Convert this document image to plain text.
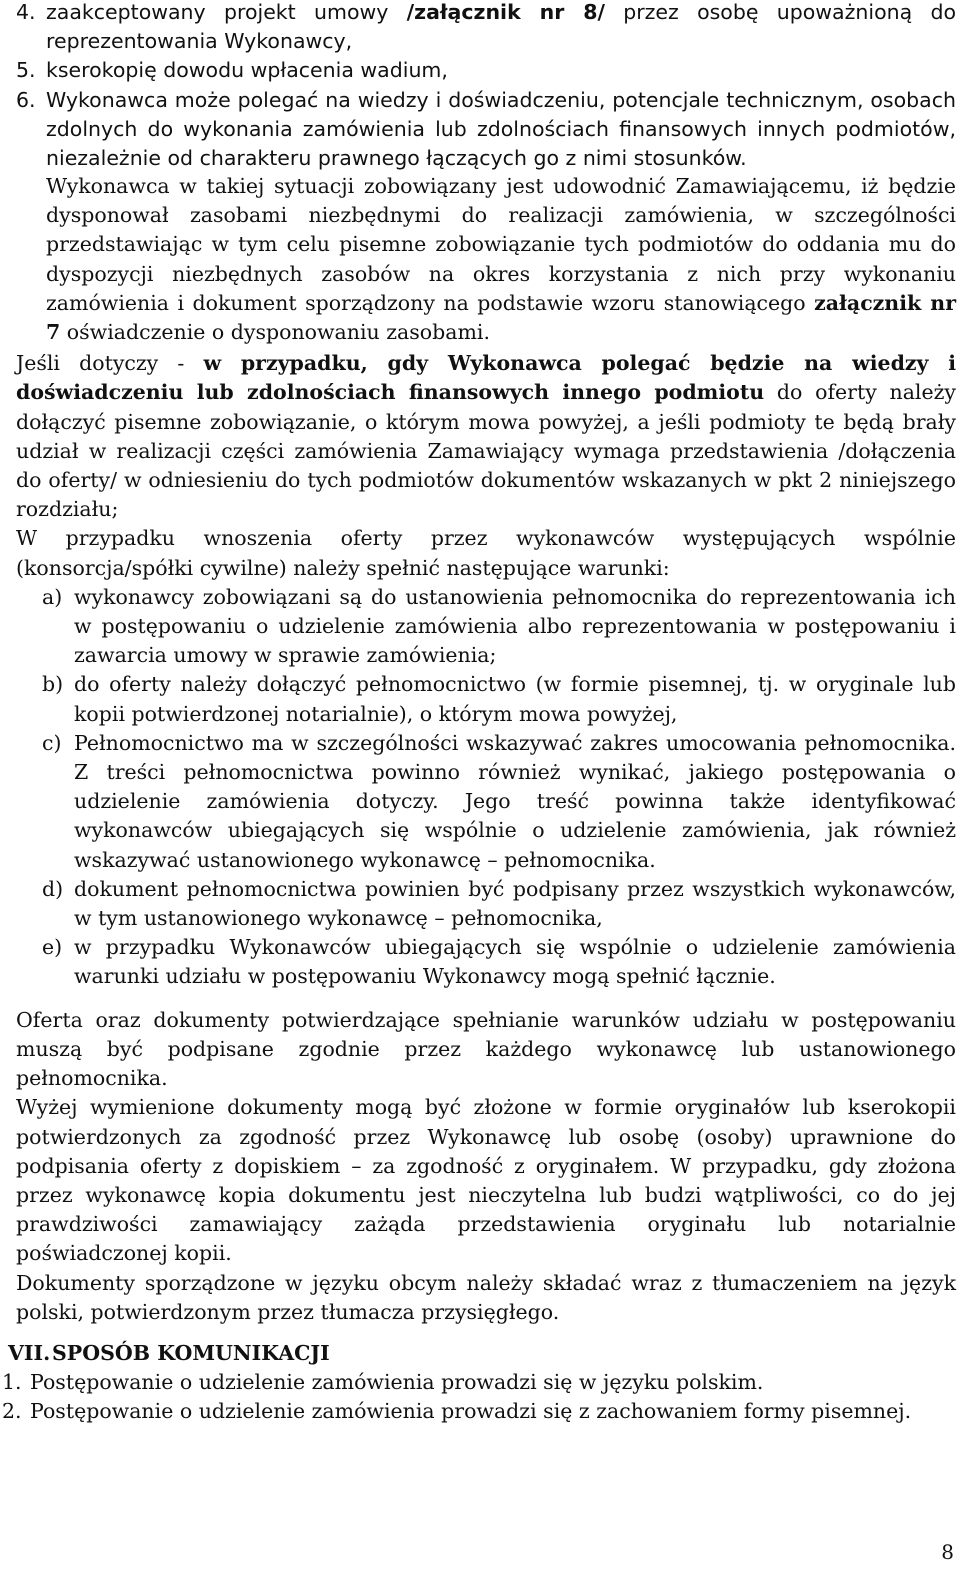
4. zaakceptowany projekt umowy /załącznik nr 8/ przez osobę upoważnioną do reprezentowania Wykonawcy,
5. kserokopię dowodu wpłacenia wadium,
6. Wykonawca może polegać na wiedzy i doświadczeniu, potencjale technicznym, osobach zdolnych do wykonania zamówienia lub zdolnościach finansowych innych podmiotów, niezależnie od charakteru prawnego łączących go z nimi stosunków.

Wykonawca w takiej sytuacji zobowiązany jest udowodnić Zamawiającemu, iż będzie dysponował zasobami niezbędnymi do realizacji zamówienia, w szczególności przedstawiając w tym celu pisemne zobowiązanie tych podmiotów do oddania mu do dyspozycji niezbędnych zasobów na okres korzystania z nich przy wykonaniu zamówienia i dokument sporządzony na podstawie wzoru stanowiącego załącznik nr 7 oświadczenie o dysponowaniu zasobami.

Jeśli dotyczy - w przypadku, gdy Wykonawca polegać będzie na wiedzy i doświadczeniu lub zdolnościach finansowych innego podmiotu do oferty należy dołączyć pisemne zobowiązanie, o którym mowa powyżej, a jeśli podmioty te będą brały udział w realizacji części zamówienia Zamawiający wymaga przedstawienia /dołączenia do oferty/ w odniesieniu do tych podmiotów dokumentów wskazanych w pkt 2 niniejszego rozdziału;

W przypadku wnoszenia oferty przez wykonawców występujących wspólnie (konsorcja/spółki cywilne) należy spełnić następujące warunki:

a) wykonawcy zobowiązani są do ustanowienia pełnomocnika do reprezentowania ich w postępowaniu o udzielenie zamówienia albo reprezentowania w postępowaniu i zawarcia umowy w sprawie zamówienia;
b) do oferty należy dołączyć pełnomocnictwo (w formie pisemnej, tj. w oryginale lub kopii potwierdzonej notarialnie), o którym mowa powyżej,
c) Pełnomocnictwo ma w szczególności wskazywać zakres umocowania pełnomocnika. Z treści pełnomocnictwa powinno również wynikać, jakiego postępowania o udzielenie zamówienia dotyczy. Jego treść powinna także identyfikować wykonawców ubiegających się wspólnie o udzielenie zamówienia, jak również wskazywać ustanowionego wykonawcę – pełnomocnika.
d) dokument pełnomocnictwa powinien być podpisany przez wszystkich wykonawców, w tym ustanowionego wykonawcę – pełnomocnika,
e) w przypadku Wykonawców ubiegających się wspólnie o udzielenie zamówienia warunki udziału w postępowaniu Wykonawcy mogą spełnić łącznie.

Oferta oraz dokumenty potwierdzające spełnianie warunków udziału w postępowaniu muszą być podpisane zgodnie przez każdego wykonawcę lub ustanowionego pełnomocnika.

Wyżej wymienione dokumenty mogą być złożone w formie oryginałów lub kserokopii potwierdzonych za zgodność przez Wykonawcę lub osobę (osoby) uprawnione do podpisania oferty z dopiskiem – za zgodność z oryginałem. W przypadku, gdy złożona przez wykonawcę kopia dokumentu jest nieczytelna lub budzi wątpliwości, co do jej prawdziwości zamawiający zażąda przedstawienia oryginału lub notarialnie poświadczonej kopii.

Dokumenty sporządzone w języku obcym należy składać wraz z tłumaczeniem na język polski, potwierdzonym przez tłumacza przysięgłego.

VII.SPOSÓB KOMUNIKACJI
1. Postępowanie o udzielenie zamówienia prowadzi się w języku polskim.
2. Postępowanie o udzielenie zamówienia prowadzi się z zachowaniem formy pisemnej.
8
